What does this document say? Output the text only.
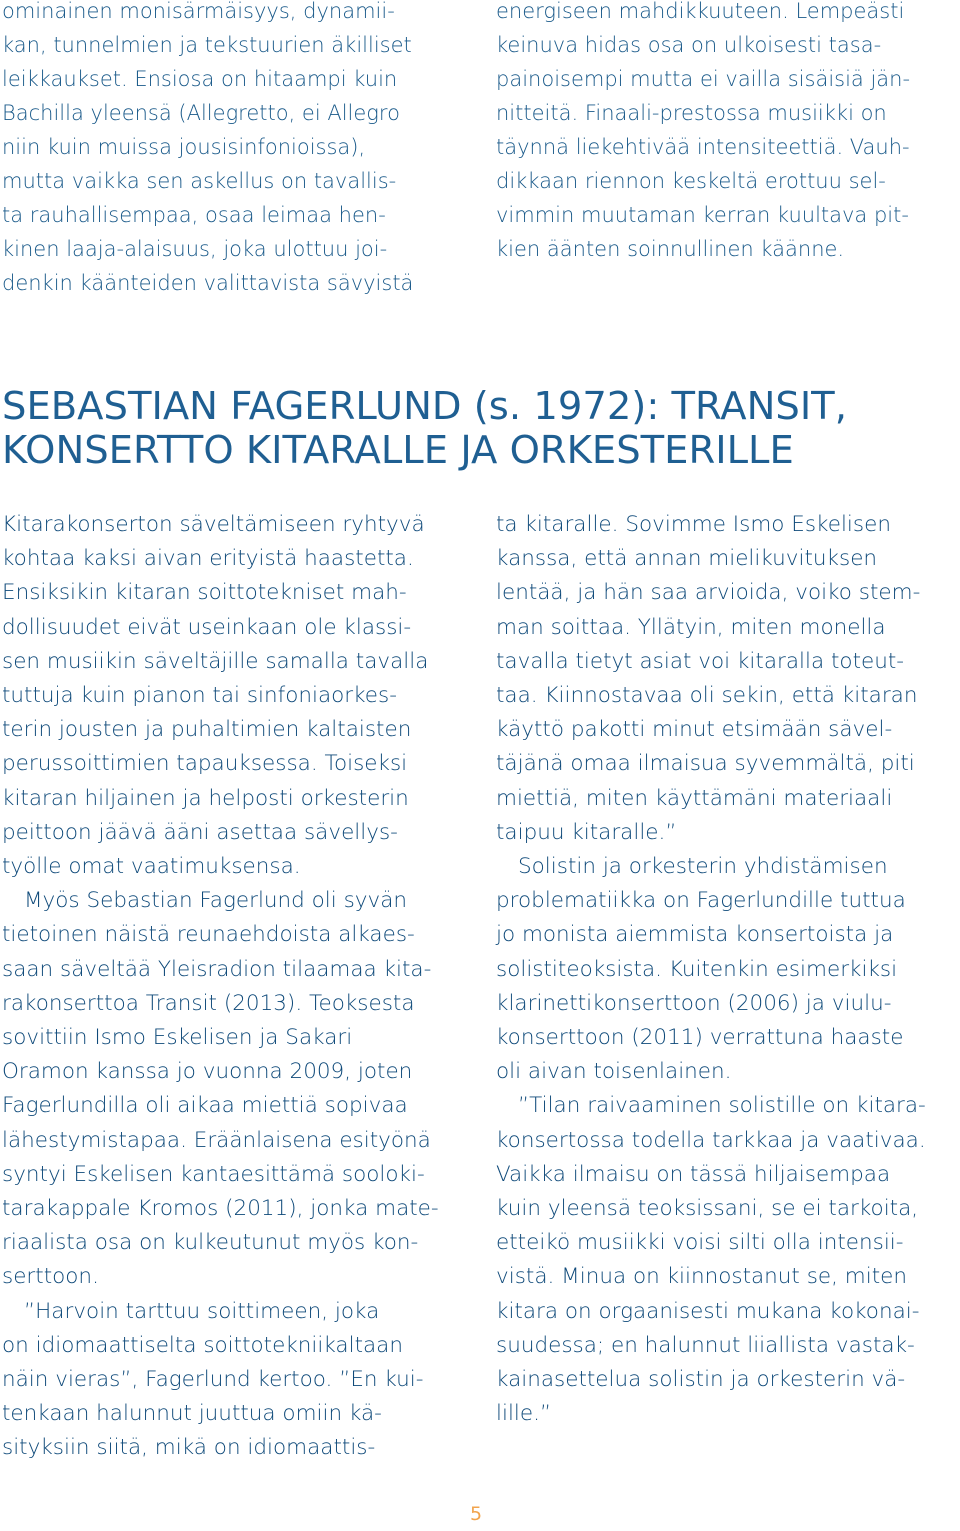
ominainen monisärmäisyys, dynamii-

kan, tunnelmien ja tekstuurien äkilliset

leikkaukset. Ensiosa on hitaampi kuin

Bachilla yleensä (Allegretto, ei Allegro

niin kuin muissa jousisinfonioissa),

mutta vaikka sen askellus on tavallis-

ta rauhallisempaa, osaa leimaa hen-

kinen laaja-alaisuus, joka ulottuu joi-

denkin käänteiden valittavista sävyistä

energiseen mahdikkuuteen. Lempeästi

keinuva hidas osa on ulkoisesti tasa-

painoisempi mutta ei vailla sisäisiä jän-

nitteitä. Finaali-prestossa musiikki on

täynnä liekehtivää intensiteettiä. Vauh-

dikkaan riennon keskeltä erottuu sel-

vimmin muutaman kerran kuultava pit-

kien äänten soinnullinen käänne.

SEBASTIAN FAGERLUND (s. 1972): TRANSIT,
KONSERTTO KITARALLE JA ORKESTERILLE

Kitarakonserton säveltämiseen ryhtyvä

kohtaa kaksi aivan erityistä haastetta.

Ensiksikin kitaran soittotekniset mah-

dollisuudet eivät useinkaan ole klassi-

sen musiikin säveltäjille samalla tavalla

tuttuja kuin pianon tai sinfoniaorkes-

terin jousten ja puhaltimien kaltaisten

perussoittimien tapauksessa. Toiseksi

kitaran hiljainen ja helposti orkesterin

peittoon jäävä ääni asettaa sävellys-

työlle omat vaatimuksensa.

Myös Sebastian Fagerlund oli syvän

tietoinen näistä reunaehdoista alkaes-

saan säveltää Yleisradion tilaamaa kita-

rakonserttoa Transit (2013). Teoksesta

sovittiin Ismo Eskelisen ja Sakari

Oramon kanssa jo vuonna 2009, joten

Fagerlundilla oli aikaa miettiä sopivaa

lähestymistapaa. Eräänlaisena esityönä

syntyi Eskelisen kantaesittämä sooloki-

tarakappale Kromos (2011), jonka mate-

riaalista osa on kulkeutunut myös kon-

serttoon.

”Harvoin tarttuu soittimeen, joka

on idiomaattiselta soittotekniikaltaan

näin vieras”, Fagerlund kertoo. ”En kui-

tenkaan halunnut juuttua omiin kä-

sityksiin siitä, mikä on idiomaattis-

ta kitaralle. Sovimme Ismo Eskelisen

kanssa, että annan mielikuvituksen

lentää, ja hän saa arvioida, voiko stem-

man soittaa. Yllätyin, miten monella

tavalla tietyt asiat voi kitaralla toteut-

taa. Kiinnostavaa oli sekin, että kitaran

käyttö pakotti minut etsimään sävel-

täjänä omaa ilmaisua syvemmältä, piti

miettiä, miten käyttämäni materiaali

taipuu kitaralle.”

Solistin ja orkesterin yhdistämisen

problematiikka on Fagerlundille tuttua

jo monista aiemmista konsertoista ja

solistiteoksista. Kuitenkin esimerkiksi

klarinettikonserttoon (2006) ja viulu-

konserttoon (2011) verrattuna haaste

oli aivan toisenlainen.

”Tilan raivaaminen solistille on kitara-

konsertossa todella tarkkaa ja vaativaa.

Vaikka ilmaisu on tässä hiljaisempaa

kuin yleensä teoksissani, se ei tarkoita,

etteikö musiikki voisi silti olla intensii-

vistä. Minua on kiinnostanut se, miten

kitara on orgaanisesti mukana kokonai-

suudessa; en halunnut liiallista vastak-

kainasettelua solistin ja orkesterin vä-

lille.”

5
